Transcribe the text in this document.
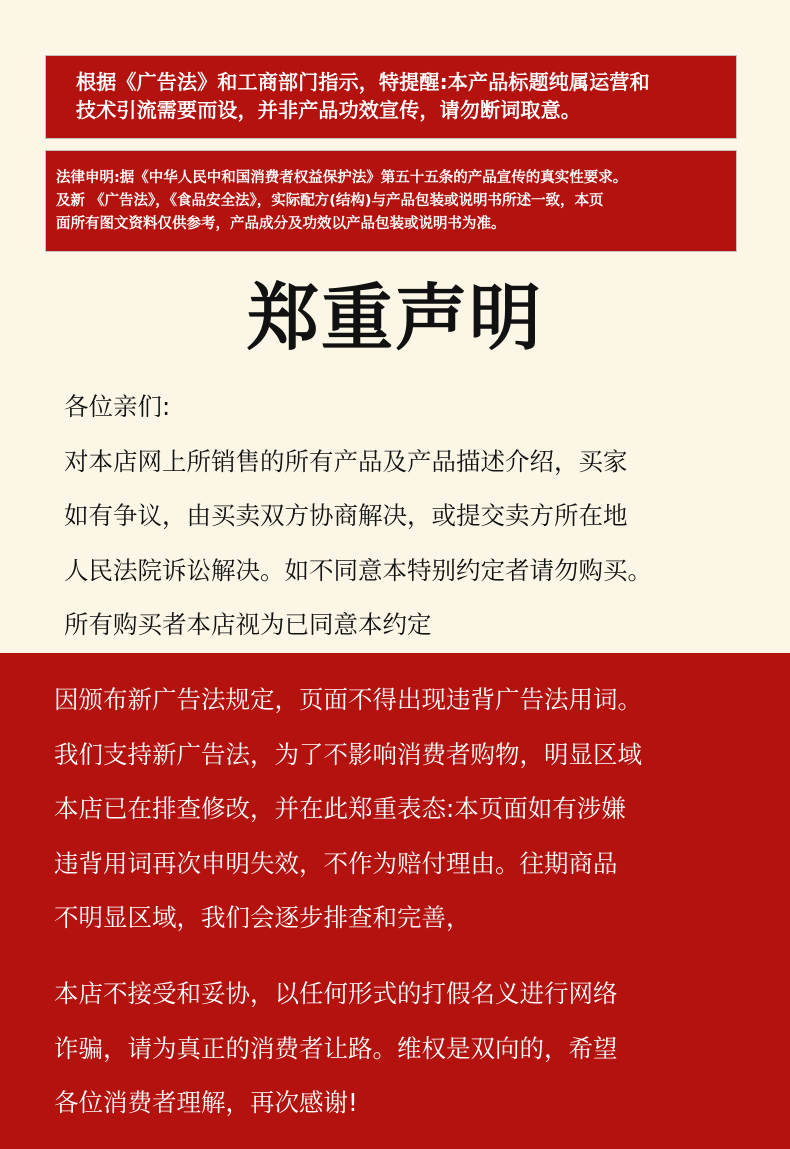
根据《广告法》和工商部门指示，特提醒:本产品标题纯属运营和

技术引流需要而设，并非产品功效宣传，请勿断词取意。

法律申明:据《中华人民中和国消费者权益保护法》第五十五条的产品宣传的真实性要求。

及新 《广告法》，《食品安全法》，实际配方(结构)与产品包装或说明书所述一致，本页

面所有图文资料仅供参考，产品成分及功效以产品包装或说明书为准。

郑重声明

各位亲们:

对本店网上所销售的所有产品及产品描述介绍，买家

如有争议，由买卖双方协商解决，或提交卖方所在地

人民法院诉讼解决。如不同意本特别约定者请勿购买。

所有购买者本店视为已同意本约定

因颁布新广告法规定，页面不得出现违背广告法用词。

我们支持新广告法，为了不影响消费者购物，明显区域

本店已在排查修改，并在此郑重表态:本页面如有涉嫌

违背用词再次申明失效，不作为赔付理由。往期商品

不明显区域，我们会逐步排查和完善，

本店不接受和妥协，以任何形式的打假名义进行网络

诈骗，请为真正的消费者让路。维权是双向的，希望

各位消费者理解，再次感谢!
